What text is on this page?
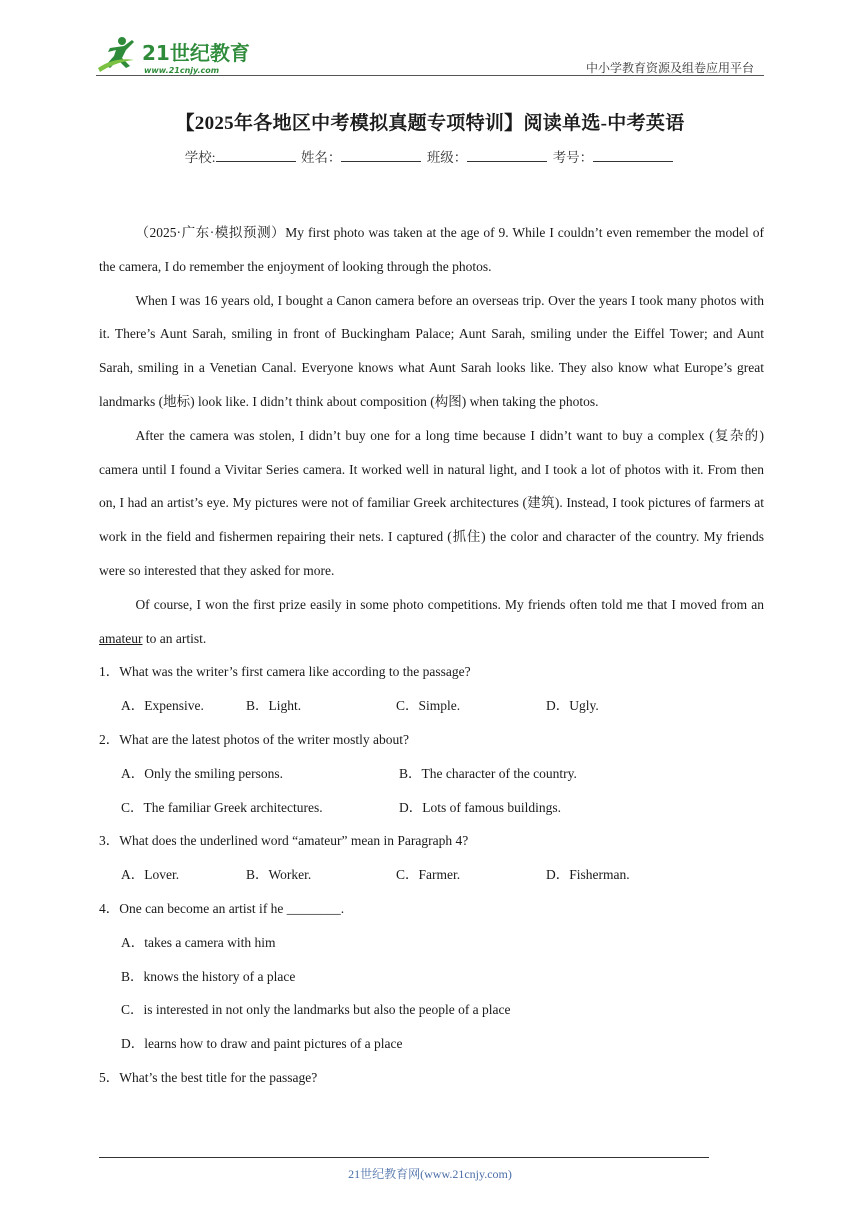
21世纪教育
www.21cnjy.com	中小学教育资源及组卷应用平台
【2025年各地区中考模拟真题专项特训】阅读单选-中考英语
学校:	姓名：	班级：	考号：

（2025·广东·模拟预测）My first photo was taken at the age of 9. While I couldn’t even remember the model of the camera, I do remember the enjoyment of looking through the photos.

When I was 16 years old, I bought a Canon camera before an overseas trip. Over the years I took many photos with it. There’s Aunt Sarah, smiling in front of Buckingham Palace; Aunt Sarah, smiling under the Eiffel Tower; and Aunt Sarah, smiling in a Venetian Canal. Everyone knows what Aunt Sarah looks like. They also know what Europe’s great landmarks (地标) look like. I didn’t think about composition (构图) when taking the photos.

After the camera was stolen, I didn’t buy one for a long time because I didn’t want to buy a complex (复杂的) camera until I found a Vivitar Series camera. It worked well in natural light, and I took a lot of photos with it. From then on, I had an artist’s eye. My pictures were not of familiar Greek architectures (建筑). Instead, I took pictures of farmers at work in the field and fishermen repairing their nets. I captured (抓住) the color and character of the country. My friends were so interested that they asked for more.

Of course, I won the first prize easily in some photo competitions. My friends often told me that I moved from an amateur to an artist.

1．What was the writer’s first camera like according to the passage?
A．Expensive.	B．Light.	C．Simple.	D．Ugly.
2．What are the latest photos of the writer mostly about?
A．Only the smiling persons.	B．The character of the country.
C．The familiar Greek architectures.	D．Lots of famous buildings.
3．What does the underlined word “amateur” mean in Paragraph 4?
A．Lover.	B．Worker.	C．Farmer.	D．Fisherman.
4．One can become an artist if he ________.
A．takes a camera with him
B．knows the history of a place
C．is interested in not only the landmarks but also the people of a place
D．learns how to draw and paint pictures of a place
5．What’s the best title for the passage?
21世纪教育网(www.21cnjy.com)
